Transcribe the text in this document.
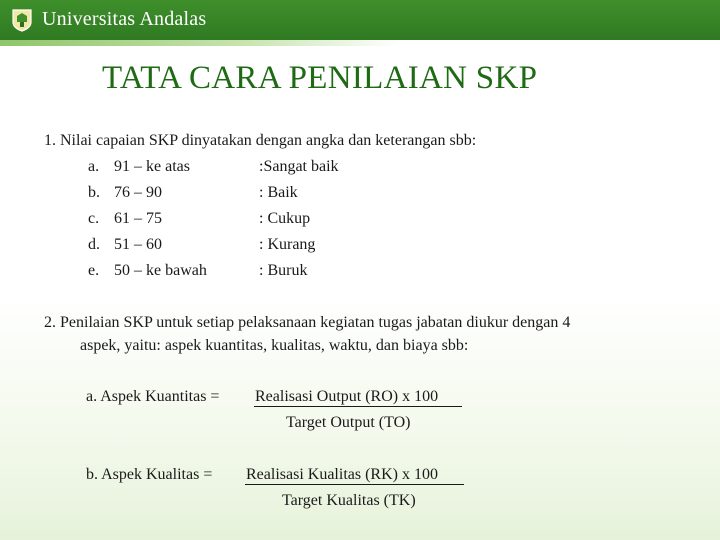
Universitas Andalas
TATA CARA PENILAIAN SKP
1. Nilai capaian SKP dinyatakan dengan angka dan keterangan sbb:
a. 91 – ke atas	:Sangat baik
b. 76 – 90	: Baik
c. 61 – 75	: Cukup
d. 51 – 60	: Kurang
e. 50 – ke bawah	: Buruk
2. Penilaian SKP untuk setiap pelaksanaan kegiatan tugas jabatan diukur dengan 4
aspek, yaitu: aspek kuantitas, kualitas, waktu, dan biaya sbb:
a. Aspek Kuantitas = Realisasi Output (RO) x 100
Target Output (TO)
b. Aspek Kualitas = Realisasi Kualitas (RK) x 100
Target Kualitas (TK)
